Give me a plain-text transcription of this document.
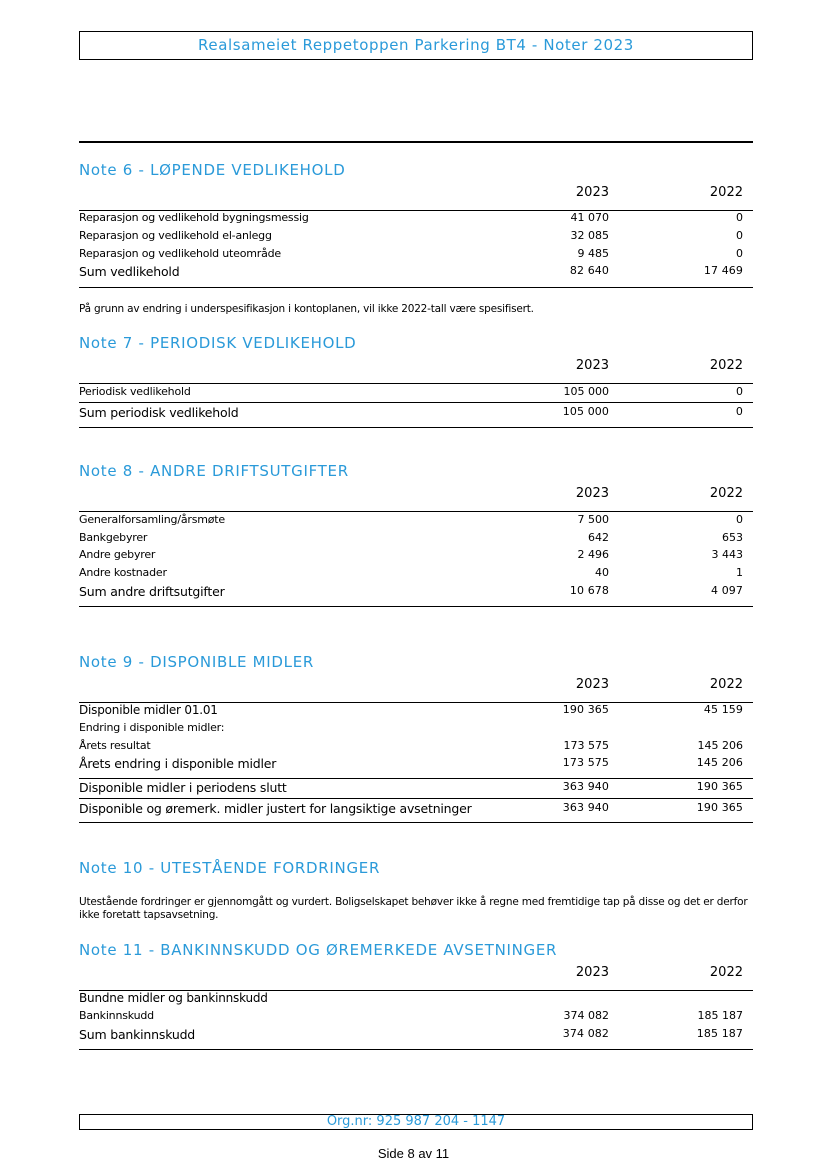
Realsameiet Reppetoppen Parkering BT4 - Noter 2023
Note 6 - LØPENDE VEDLIKEHOLD
2023	2022
Reparasjon og vedlikehold bygningsmessig	41 070	0
Reparasjon og vedlikehold el-anlegg	32 085	0
Reparasjon og vedlikehold uteområde	9 485	0
Sum vedlikehold	82 640	17 469
På grunn av endring i underspesifikasjon i kontoplanen, vil ikke 2022-tall være spesifisert.
Note 7 - PERIODISK VEDLIKEHOLD
2023	2022
Periodisk vedlikehold	105 000	0
Sum periodisk vedlikehold	105 000	0
Note 8 - ANDRE DRIFTSUTGIFTER
2023	2022
Generalforsamling/årsmøte	7 500	0
Bankgebyrer	642	653
Andre gebyrer	2 496	3 443
Andre kostnader	40	1
Sum andre driftsutgifter	10 678	4 097
Note 9 - DISPONIBLE MIDLER
2023	2022
Disponible midler 01.01	190 365	45 159
Endring i disponible midler:
Årets resultat	173 575	145 206
Årets endring i disponible midler	173 575	145 206
Disponible midler i periodens slutt	363 940	190 365
Disponible og øremerk. midler justert for langsiktige avsetninger	363 940	190 365
Note 10 - UTESTÅENDE FORDRINGER
Utestående fordringer er gjennomgått og vurdert. Boligselskapet behøver ikke å regne med fremtidige tap på disse og det er derfor ikke foretatt tapsavsetning.
Note 11 - BANKINNSKUDD OG ØREMERKEDE AVSETNINGER
2023	2022
Bundne midler og bankinnskudd
Bankinnskudd	374 082	185 187
Sum bankinnskudd	374 082	185 187
Org.nr: 925 987 204 - 1147
Side 8 av 11
